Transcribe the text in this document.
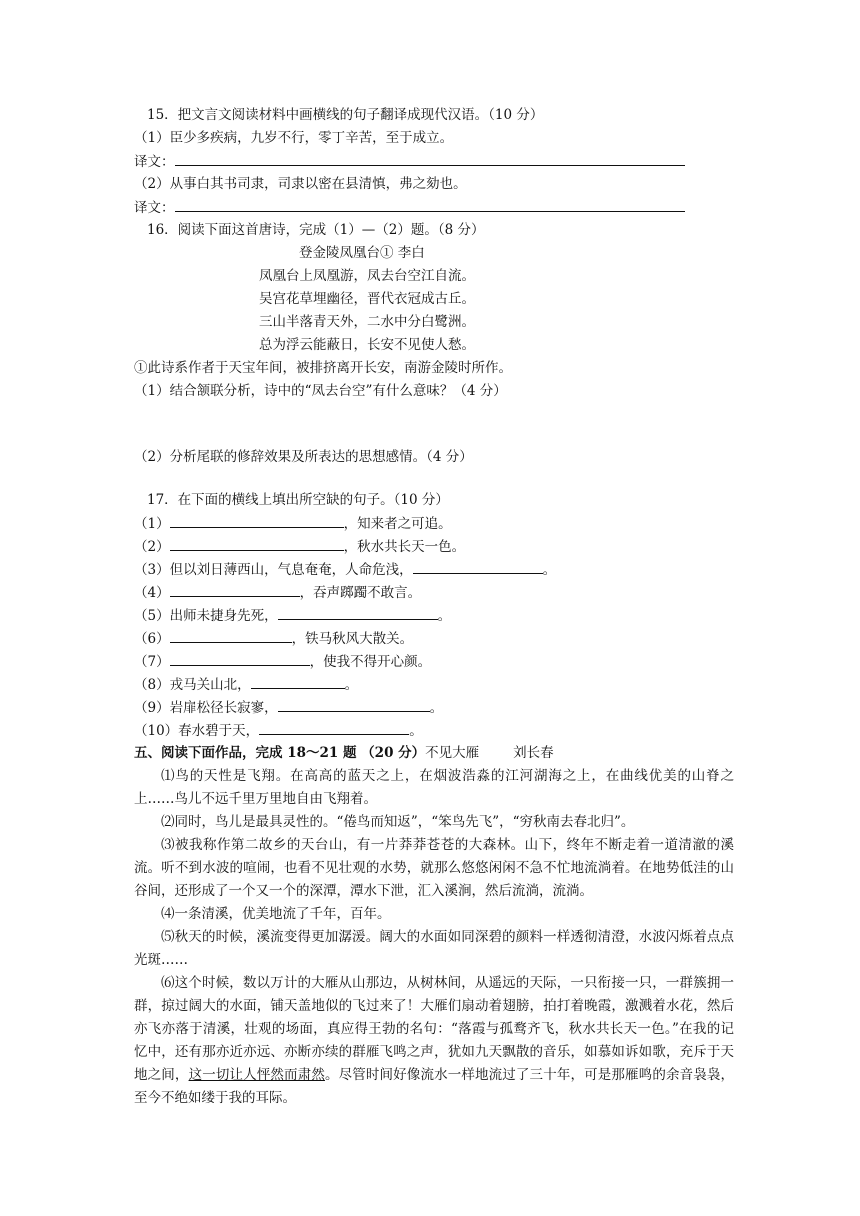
15．把文言文阅读材料中画横线的句子翻译成现代汉语。（10 分）
（1）臣少多疾病，九岁不行，零丁辛苦，至于成立。
译文：
（2）从事白其书司隶，司隶以密在县清慎，弗之劾也。
译文：
16．阅读下面这首唐诗，完成（1）—（2）题。（8 分）
登金陵凤凰台① 李白
凤凰台上凤凰游，凤去台空江自流。
吴宫花草埋幽径，晋代衣冠成古丘。
三山半落青天外，二水中分白鹭洲。
总为浮云能蔽日，长安不见使人愁。
①此诗系作者于天宝年间，被排挤离开长安，南游金陵时所作。
（1）结合颔联分析，诗中的“凤去台空”有什么意味？（4 分）
（2）分析尾联的修辞效果及所表达的思想感情。（4 分）
17．在下面的横线上填出所空缺的句子。（10 分）
（1）	，知来者之可追。
（2）	，秋水共长天一色。
（3）但以刘日薄西山，气息奄奄，人命危浅，	。
（4）	，吞声踯躅不敢言。
（5）出师未捷身先死，	。
（6）	，铁马秋风大散关。
（7）	，使我不得开心颜。
（8）戎马关山北，	。
（9）岩扉松径长寂寥，	。
（10）春水碧于天，	。
五、阅读下面作品，完成 18～21 题 （20 分）不见大雁	刘长春
⑴鸟的天性是飞翔。在高高的蓝天之上，在烟波浩淼的江河湖海之上，在曲线优美的山脊之上……鸟儿不远千里万里地自由飞翔着。
⑵同时，鸟儿是最具灵性的。“倦鸟而知返”，“笨鸟先飞”，“穷秋南去春北归”。
⑶被我称作第二故乡的天台山，有一片莽莽苍苍的大森林。山下，终年不断走着一道清澈的溪流。听不到水波的喧闹，也看不见壮观的水势，就那么悠悠闲闲不急不忙地流淌着。在地势低洼的山谷间，还形成了一个又一个的深潭，潭水下泄，汇入溪涧，然后流淌，流淌。
⑷一条清溪，优美地流了千年，百年。
⑸秋天的时候，溪流变得更加潺湲。阔大的水面如同深碧的颜料一样透彻清澄，水波闪烁着点点光斑……
⑹这个时候，数以万计的大雁从山那边，从树林间，从遥远的天际，一只衔接一只，一群簇拥一群，掠过阔大的水面，铺天盖地似的飞过来了！大雁们扇动着翅膀，拍打着晚霞，激溅着水花，然后亦飞亦落于清溪，壮观的场面，真应得王勃的名句：“落霞与孤鹜齐飞，秋水共长天一色。”在我的记忆中，还有那亦近亦远、亦断亦续的群雁飞鸣之声，犹如九天飘散的音乐，如慕如诉如歌，充斥于天地之间，这一切让人怦然而肃然。尽管时间好像流水一样地流过了三十年，可是那雁鸣的余音袅袅，至今不绝如缕于我的耳际。
